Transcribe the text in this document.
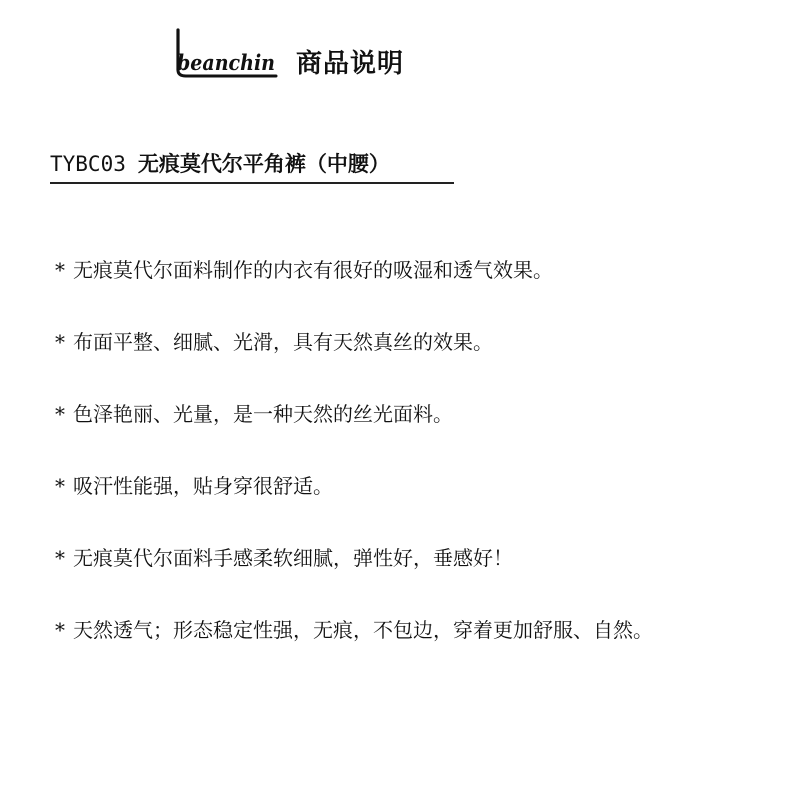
beanchin 商品说明
TYBC03 无痕莫代尔平角裤（中腰）
* 无痕莫代尔面料制作的内衣有很好的吸湿和透气效果。
* 布面平整、细腻、光滑，具有天然真丝的效果。
* 色泽艳丽、光量，是一种天然的丝光面料。
* 吸汗性能强，贴身穿很舒适。
* 无痕莫代尔面料手感柔软细腻，弹性好，垂感好！
* 天然透气；形态稳定性强，无痕，不包边，穿着更加舒服、自然。
